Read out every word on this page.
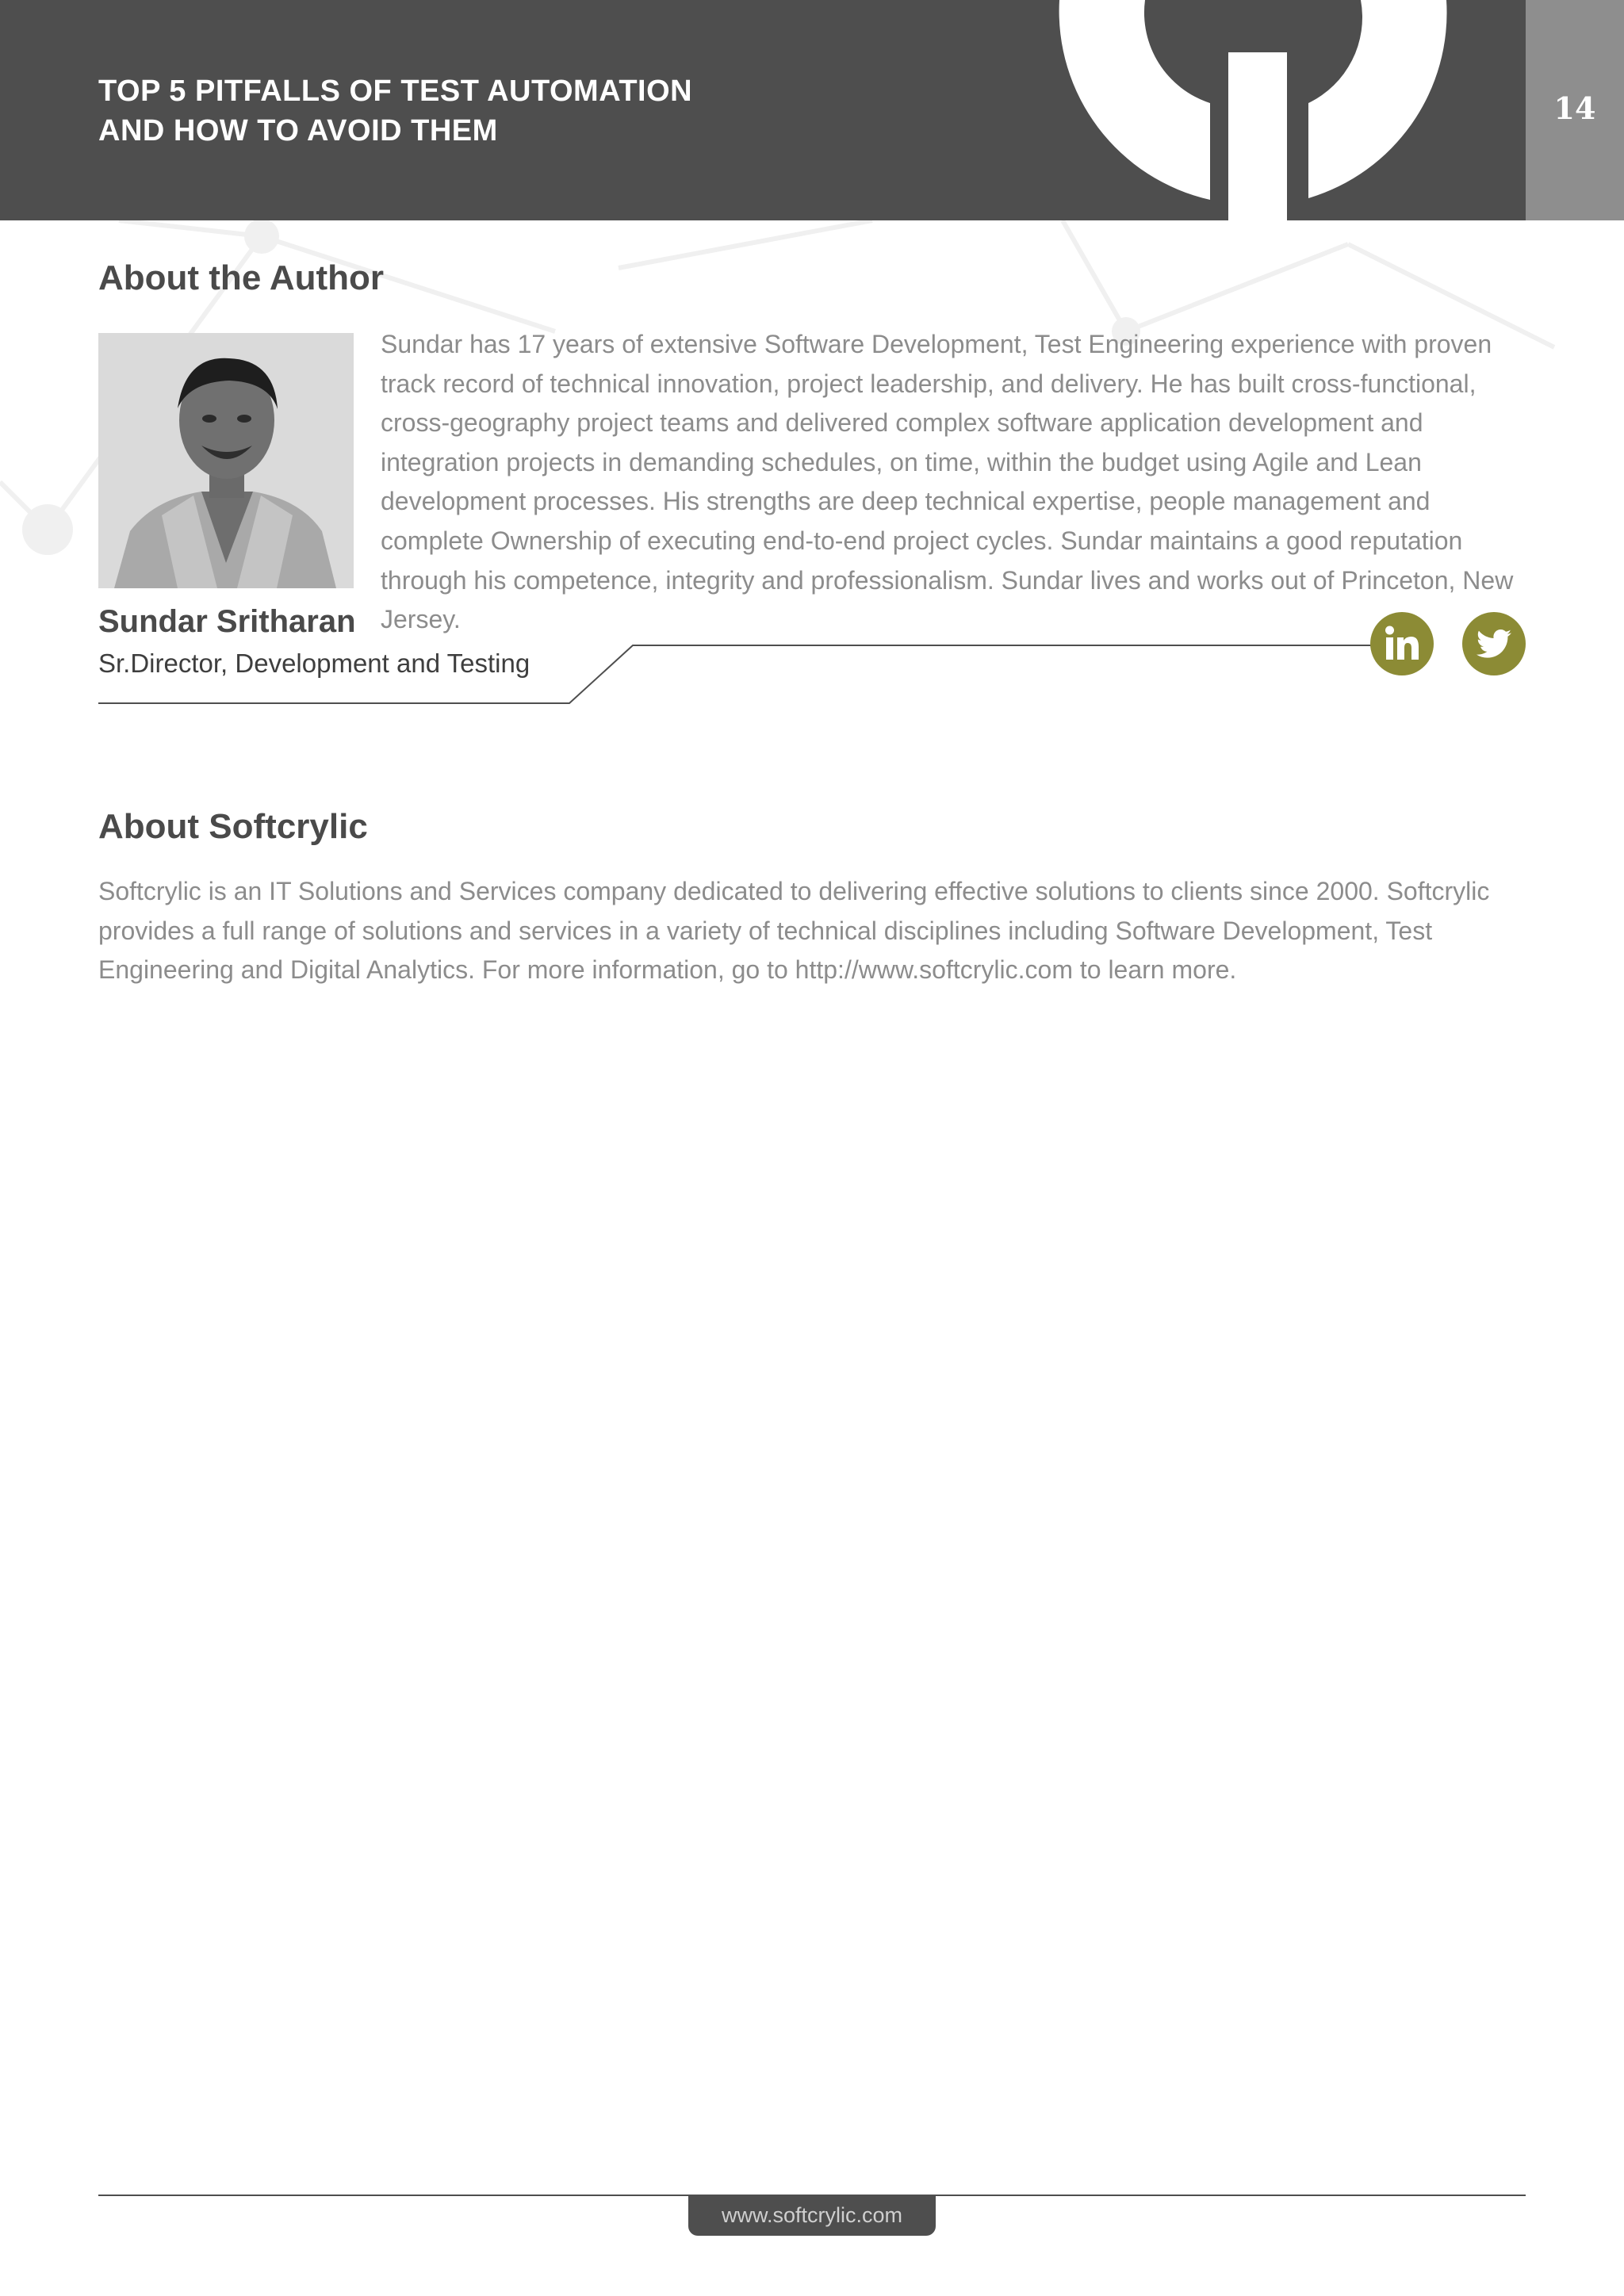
TOP 5 PITFALLS OF TEST AUTOMATION
AND HOW TO AVOID THEM
14
About the Author

Sundar has 17 years of extensive Software Development, Test Engineering experience with proven track record of technical innovation, project leadership, and delivery. He has built cross-functional, cross-geography project teams and delivered complex software application development and integration projects in demanding schedules, on time, within the budget using Agile and Lean development processes. His strengths are deep technical expertise, people management and complete Ownership of executing end-to-end project cycles. Sundar maintains a good reputation through his competence, integrity and professionalism. Sundar lives and works out of Princeton, New Jersey.

Sundar Sritharan

Sr.Director, Development and Testing

About Softcrylic

Softcrylic is an IT Solutions and Services company dedicated to delivering effective solutions to clients since 2000. Softcrylic provides a full range of solutions and services in a variety of technical disciplines including Software Development, Test Engineering and Digital Analytics. For more information, go to http://www.softcrylic.com to learn more.

www.softcrylic.com
